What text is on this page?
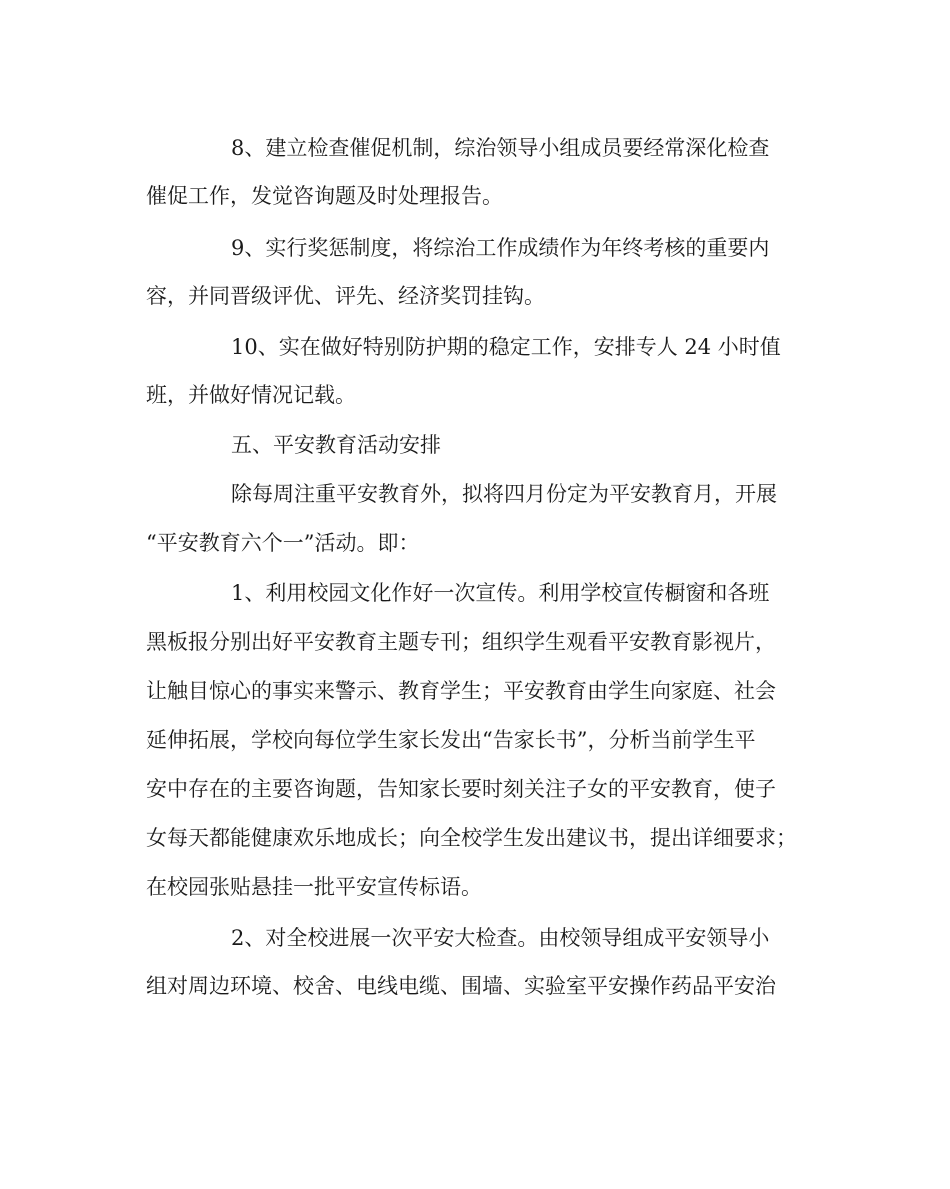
8、建立检查催促机制，综治领导小组成员要经常深化检查
催促工作，发觉咨询题及时处理报告。
9、实行奖惩制度，将综治工作成绩作为年终考核的重要内
容，并同晋级评优、评先、经济奖罚挂钩。
10、实在做好特别防护期的稳定工作，安排专人 24 小时值
班，并做好情况记载。
五、平安教育活动安排
除每周注重平安教育外，拟将四月份定为平安教育月，开展
“平安教育六个一”活动。即：
1、利用校园文化作好一次宣传。利用学校宣传橱窗和各班
黑板报分别出好平安教育主题专刊；组织学生观看平安教育影视片，
让触目惊心的事实来警示、教育学生；平安教育由学生向家庭、社会
延伸拓展，学校向每位学生家长发出“告家长书”，分析当前学生平
安中存在的主要咨询题，告知家长要时刻关注子女的平安教育，使子
女每天都能健康欢乐地成长；向全校学生发出建议书，提出详细要求；
在校园张贴悬挂一批平安宣传标语。
2、对全校进展一次平安大检查。由校领导组成平安领导小
组对周边环境、校舍、电线电缆、围墙、实验室平安操作药品平安治
